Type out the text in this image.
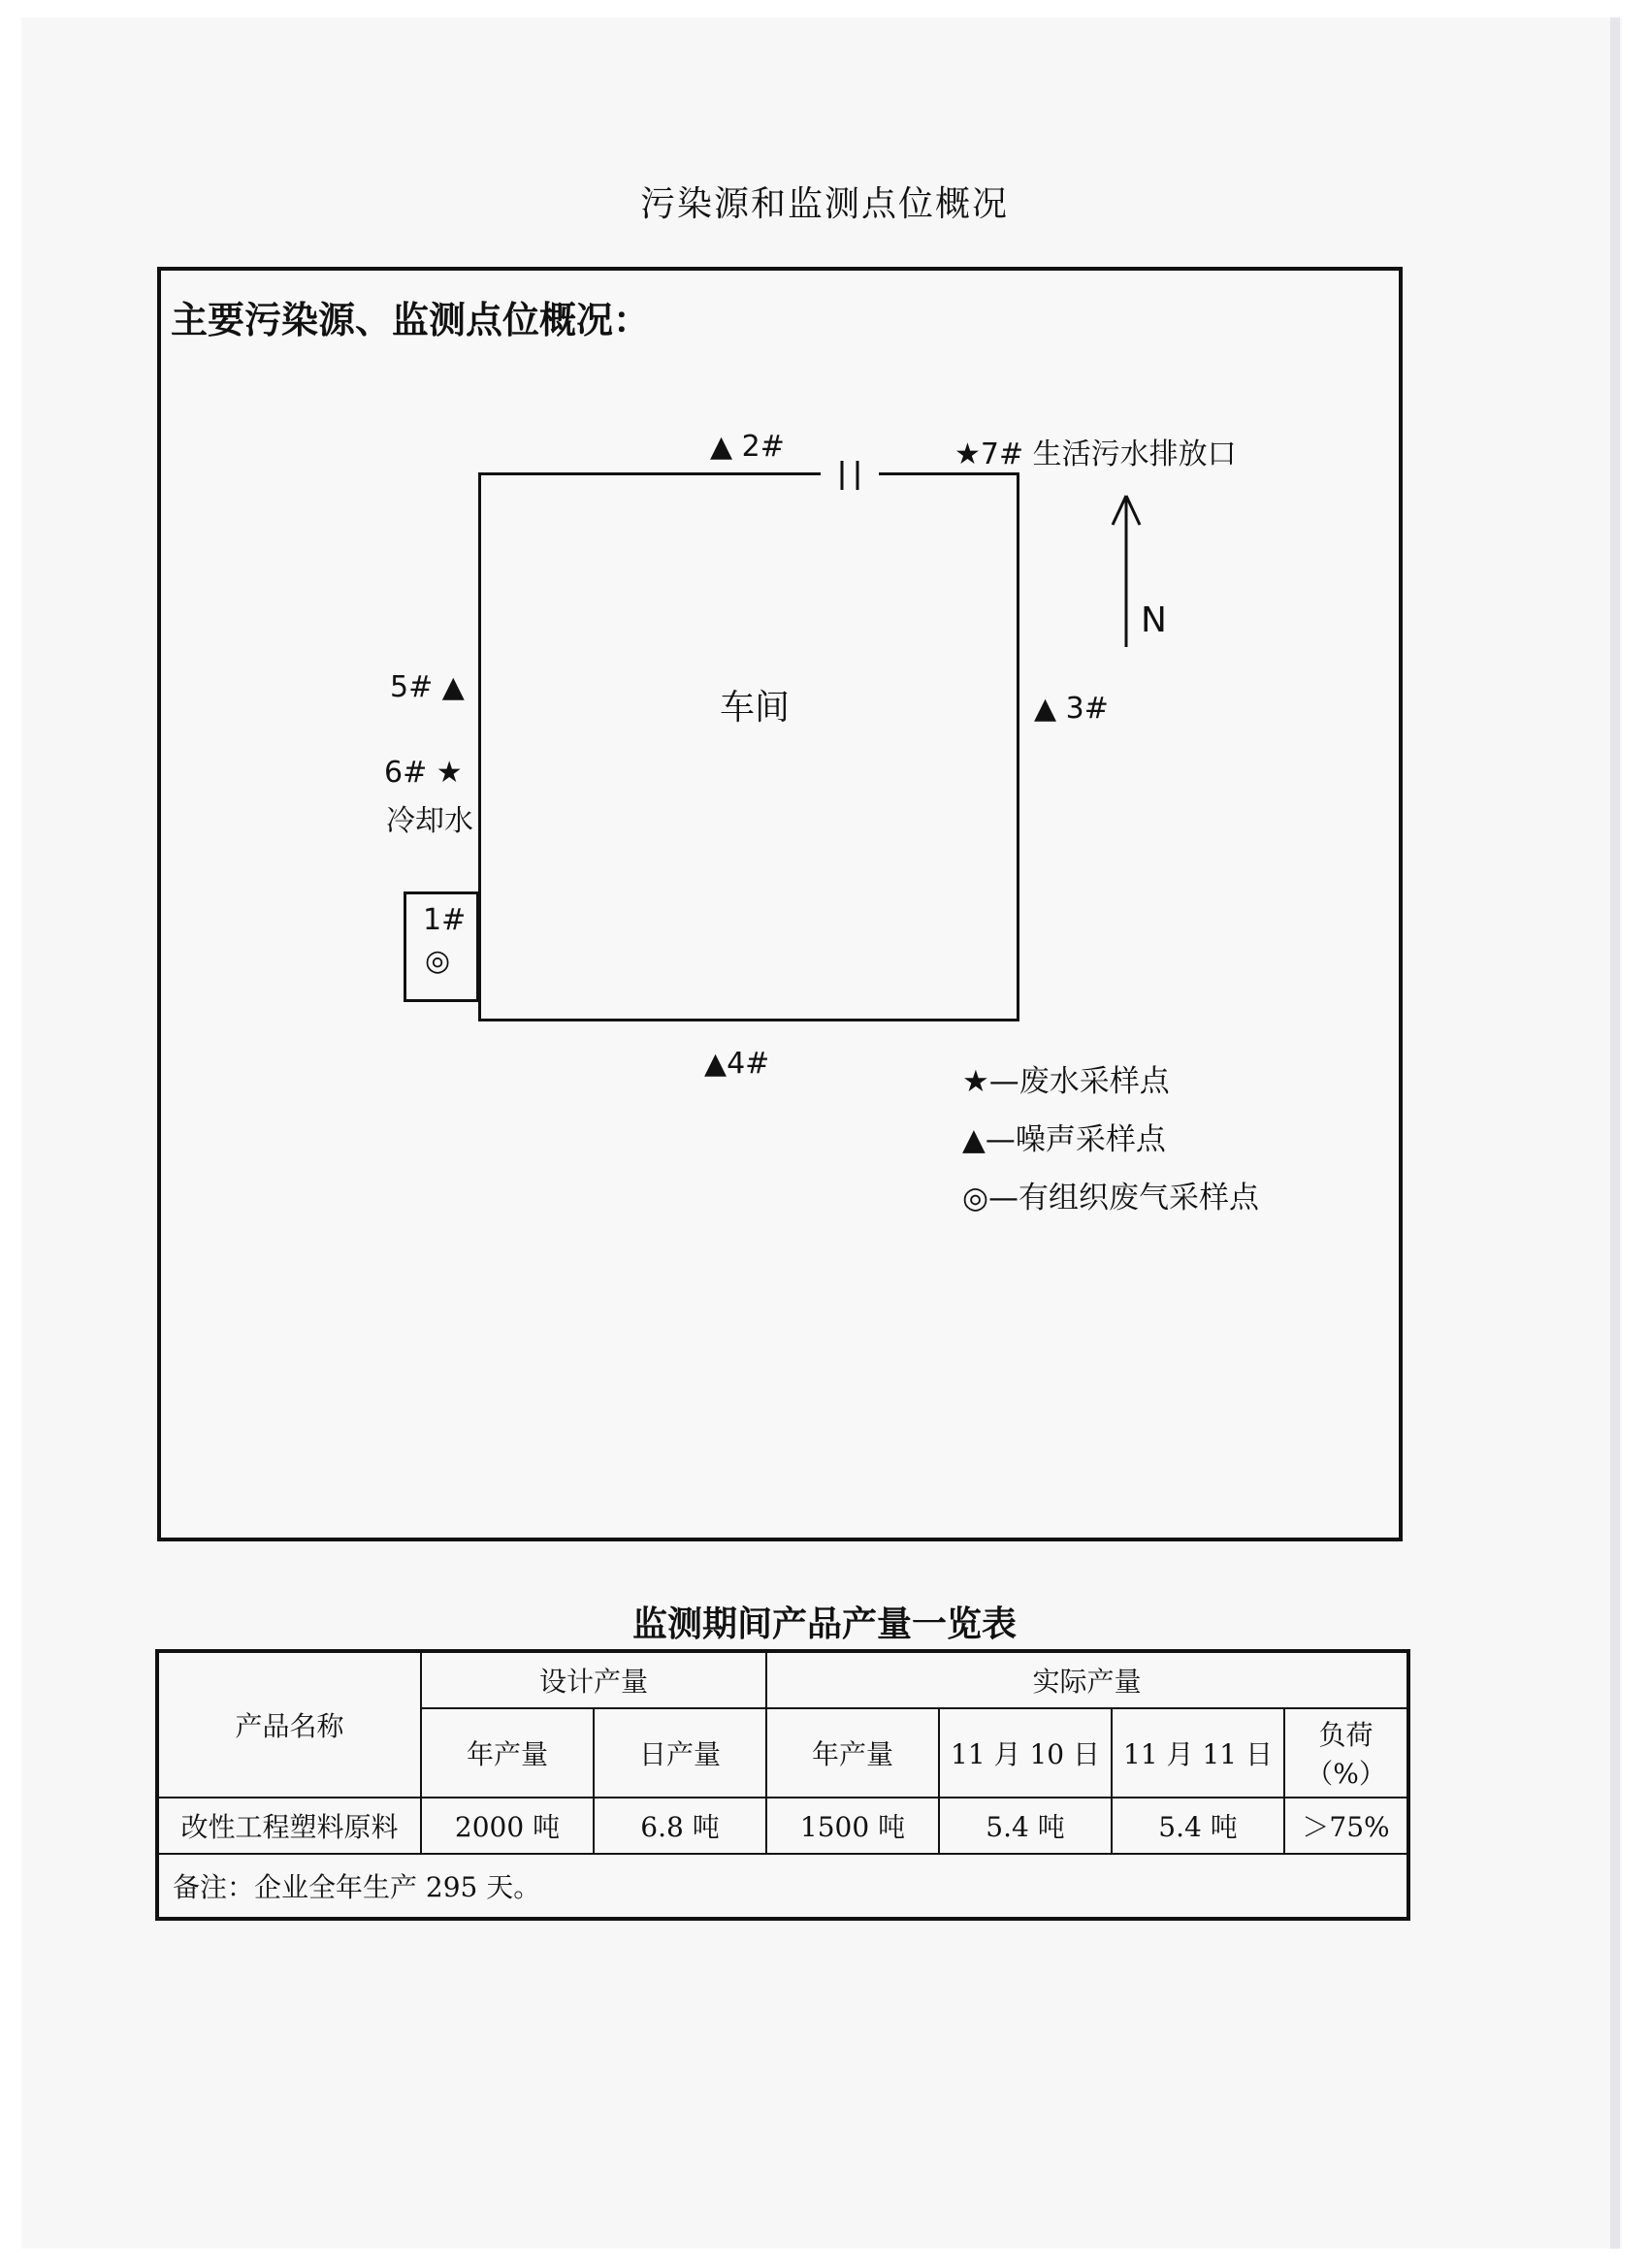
污染源和监测点位概况
主要污染源、监测点位概况：
车间
1#
◎
▲ 2#
▲ 3#
▲4#
5# ▲
6# ★
冷却水
★7# 生活污水排放口
N
★—废水采样点
▲—噪声采样点
◎—有组织废气采样点
监测期间产品产量一览表
产品名称	设计产量		实际产量			
	年产量	日产量	年产量	11 月 10 日	11 月 11 日	负荷
（%）

改性工程塑料原料	2000 吨	6.8 吨	1500 吨	5.4 吨	5.4 吨	＞75%
备注：企业全年生产 295 天。						
